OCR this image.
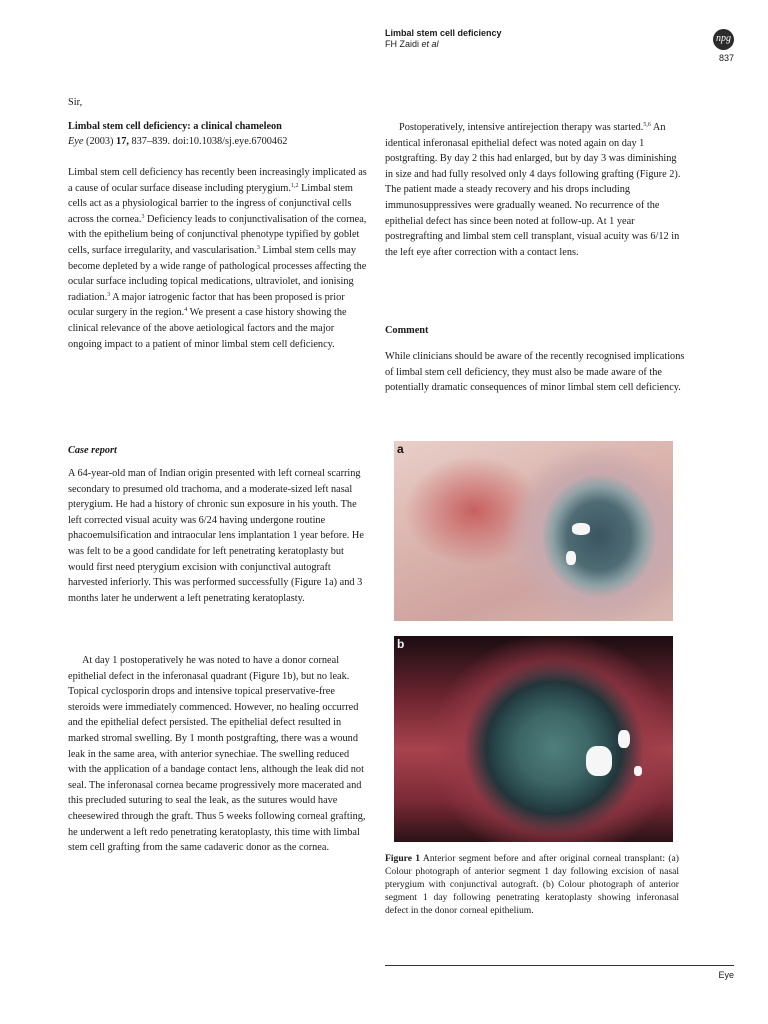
Limbal stem cell deficiency
FH Zaidi et al	npg
837
Sir,
Limbal stem cell deficiency: a clinical chameleon
Eye (2003) 17, 837–839. doi:10.1038/sj.eye.6700462

Limbal stem cell deficiency has recently been increasingly implicated as a cause of ocular surface disease including pterygium.$^{1,2}$ Limbal stem cells act as a physiological barrier to the ingress of conjunctival cells across the cornea.$^3$ Deficiency leads to conjunctivalisation of the cornea, with the epithelium being of conjunctival phenotype typified by goblet cells, surface irregularity, and vascularisation.$^3$ Limbal stem cells may become depleted by a wide range of pathological processes affecting the ocular surface including topical medications, ultraviolet, and ionising radiation.$^3$ A major iatrogenic factor that has been proposed is prior ocular surgery in the region.$^4$ We present a case history showing the clinical relevance of the above aetiological factors and the major ongoing impact to a patient of minor limbal stem cell deficiency.

Case report

A 64-year-old man of Indian origin presented with left corneal scarring secondary to presumed old trachoma, and a moderate-sized left nasal pterygium. He had a history of chronic sun exposure in his youth. The left corrected visual acuity was 6/24 having undergone routine phacoemulsification and intraocular lens implantation 1 year before. He was felt to be a good candidate for left penetrating keratoplasty but would first need pterygium excision with conjunctival autograft harvested inferiorly. This was performed successfully (Figure 1a) and 3 months later he underwent a left penetrating keratoplasty.

At day 1 postoperatively he was noted to have a donor corneal epithelial defect in the inferonasal quadrant (Figure 1b), but no leak. Topical cyclosporin drops and intensive topical preservative-free steroids were immediately commenced. However, no healing occurred and the epithelial defect persisted. The epithelial defect resulted in marked stromal swelling. By 1 month postgrafting, there was a wound leak in the same area, with anterior synechiae. The swelling reduced with the application of a bandage contact lens, although the leak did not seal. The inferonasal cornea became progressively more macerated and this precluded suturing to seal the leak, as the sutures would have cheesewired through the graft. Thus 5 weeks following corneal grafting, he underwent a left redo penetrating keratoplasty, this time with limbal stem cell grafting from the same cadaveric donor as the cornea.

Postoperatively, intensive antirejection therapy was started.$^{5,6}$ An identical inferonasal epithelial defect was noted again on day 1 postgrafting. By day 2 this had enlarged, but by day 3 was diminishing in size and had fully resolved only 4 days following grafting (Figure 2). The patient made a steady recovery and his drops including immunosuppressives were gradually weaned. No recurrence of the epithelial defect has since been noted at follow-up. At 1 year postregrafting and limbal stem cell transplant, visual acuity was 6/12 in the left eye after correction with a contact lens.

Comment

While clinicians should be aware of the recently recognised implications of limbal stem cell deficiency, they must also be made aware of the potentially dramatic consequences of minor limbal stem cell deficiency.

a
b
Figure 1 Anterior segment before and after original corneal transplant: (a) Colour photograph of anterior segment 1 day following excision of nasal pterygium with conjunctival autograft. (b) Colour photograph of anterior segment 1 day following penetrating keratoplasty showing inferonasal defect in the donor corneal epithelium.
Eye
